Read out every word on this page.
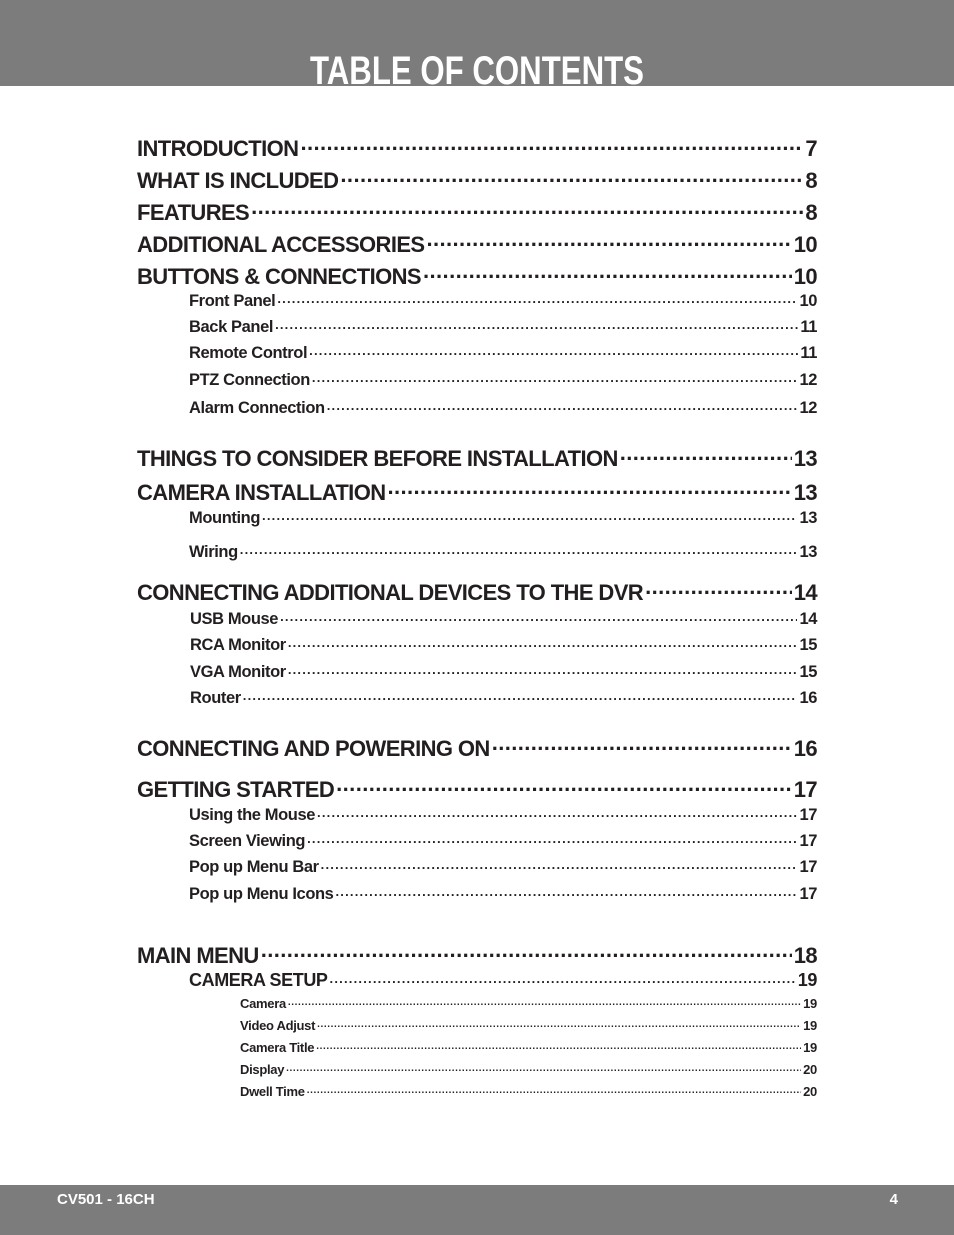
TABLE OF CONTENTS
INTRODUCTION .....	7
WHAT IS INCLUDED .....	8
FEATURES .....	8
ADDITIONAL ACCESSORIES .....	10
BUTTONS & CONNECTIONS .....	10
Front Panel .....	10
Back Panel .....	11
Remote Control .....	11
PTZ Connection .....	12
Alarm Connection .....	12
THINGS TO CONSIDER BEFORE INSTALLATION .....	13
CAMERA INSTALLATION .....	13
Mounting .....	13
Wiring .....	13
CONNECTING ADDITIONAL DEVICES TO THE DVR .....	14
USB Mouse .....	14
RCA Monitor .....	15
VGA Monitor .....	15
Router .....	16
CONNECTING AND POWERING ON .....	16
GETTING STARTED .....	17
Using the Mouse .....	17
Screen Viewing .....	17
Pop up Menu Bar .....	17
Pop up Menu Icons .....	17
MAIN MENU .....	18
CAMERA SETUP .....	19
Camera .....	19
Video Adjust .....	19
Camera Title .....	19
Display .....	20
Dwell Time .....	20
CV501 - 16CH	4
